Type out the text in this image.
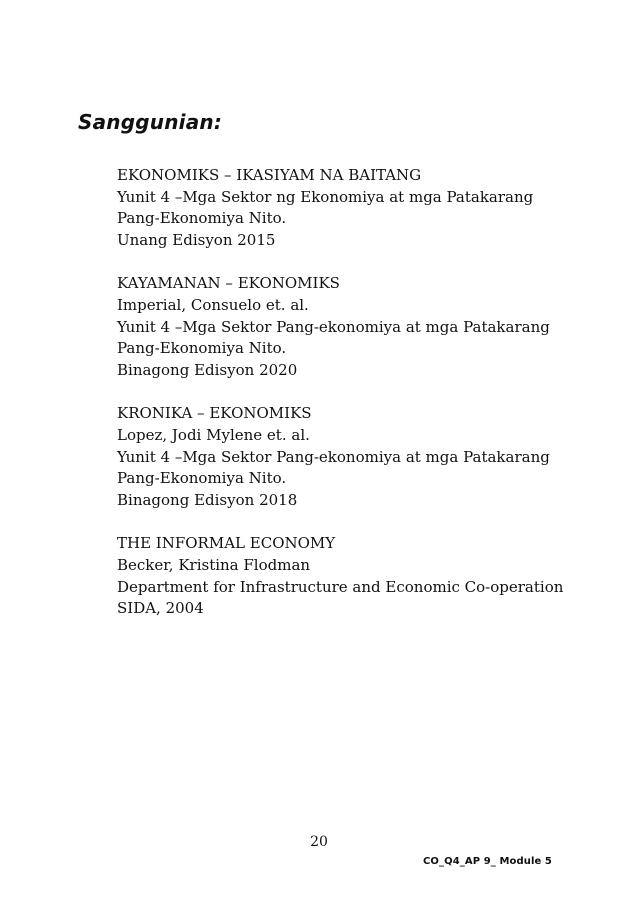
Sanggunian:
EKONOMIKS – IKASIYAM NA BAITANG
Yunit 4 –Mga Sektor ng Ekonomiya at mga Patakarang
Pang-Ekonomiya Nito.
Unang Edisyon 2015
KAYAMANAN – EKONOMIKS
Imperial, Consuelo et. al.
Yunit 4 –Mga Sektor Pang-ekonomiya at mga Patakarang
Pang-Ekonomiya Nito.
Binagong Edisyon 2020
KRONIKA – EKONOMIKS
Lopez, Jodi Mylene et. al.
Yunit 4 –Mga Sektor Pang-ekonomiya at mga Patakarang
Pang-Ekonomiya Nito.
Binagong Edisyon 2018
THE INFORMAL ECONOMY
Becker, Kristina Flodman
Department for Infrastructure and Economic Co-operation
SIDA, 2004
20
CO_Q4_AP 9_ Module 5
